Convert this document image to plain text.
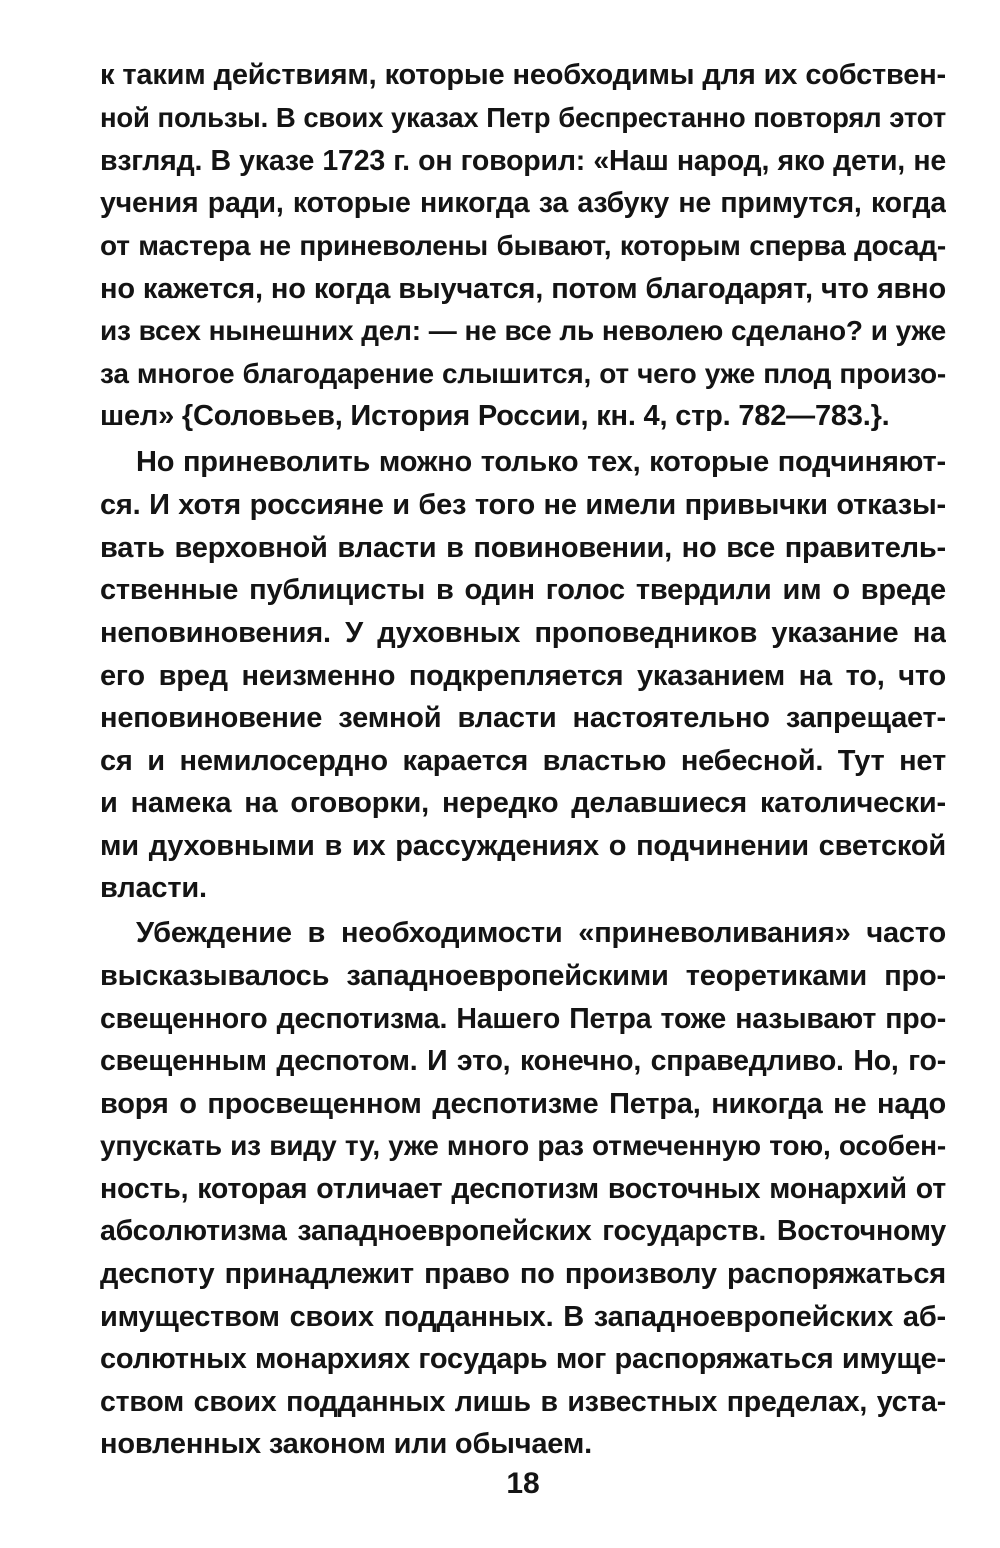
к таким действиям, которые необходимы для их собствен-
ной пользы. В своих указах Петр беспрестанно повторял этот
взгляд. В указе 1723 г. он говорил: «Наш народ, яко дети, не
учения ради, которые никогда за азбуку не примутся, когда
от мастера не приневолены бывают, которым сперва досад-
но кажется, но когда выучатся, потом благодарят, что явно
из всех нынешних дел: — не все ль неволею сделано? и уже
за многое благодарение слышится, от чего уже плод произо-
шел» {Соловьев, История России, кн. 4, стр. 782—783.}.
Но приневолить можно только тех, которые подчиняют-
ся. И хотя россияне и без того не имели привычки отказы-
вать верховной власти в повиновении, но все правитель-
ственные публицисты в один голос твердили им о вреде
неповиновения. У духовных проповедников указание на
его вред неизменно подкрепляется указанием на то, что
неповиновение земной власти настоятельно запрещает-
ся и немилосердно карается властью небесной. Тут нет
и намека на оговорки, нередко делавшиеся католически-
ми духовными в их рассуждениях о подчинении светской
власти.
Убеждение в необходимости «приневоливания» часто
высказывалось западноевропейскими теоретиками про-
свещенного деспотизма. Нашего Петра тоже называют про-
свещенным деспотом. И это, конечно, справедливо. Но, го-
воря о просвещенном деспотизме Петра, никогда не надо
упускать из виду ту, уже много раз отмеченную тою, особен-
ность, которая отличает деспотизм восточных монархий от
абсолютизма западноевропейских государств. Восточному
деспоту принадлежит право по произволу распоряжаться
имуществом своих подданных. В западноевропейских аб-
солютных монархиях государь мог распоряжаться имуще-
ством своих подданных лишь в известных пределах, уста-
новленных законом или обычаем.
18
